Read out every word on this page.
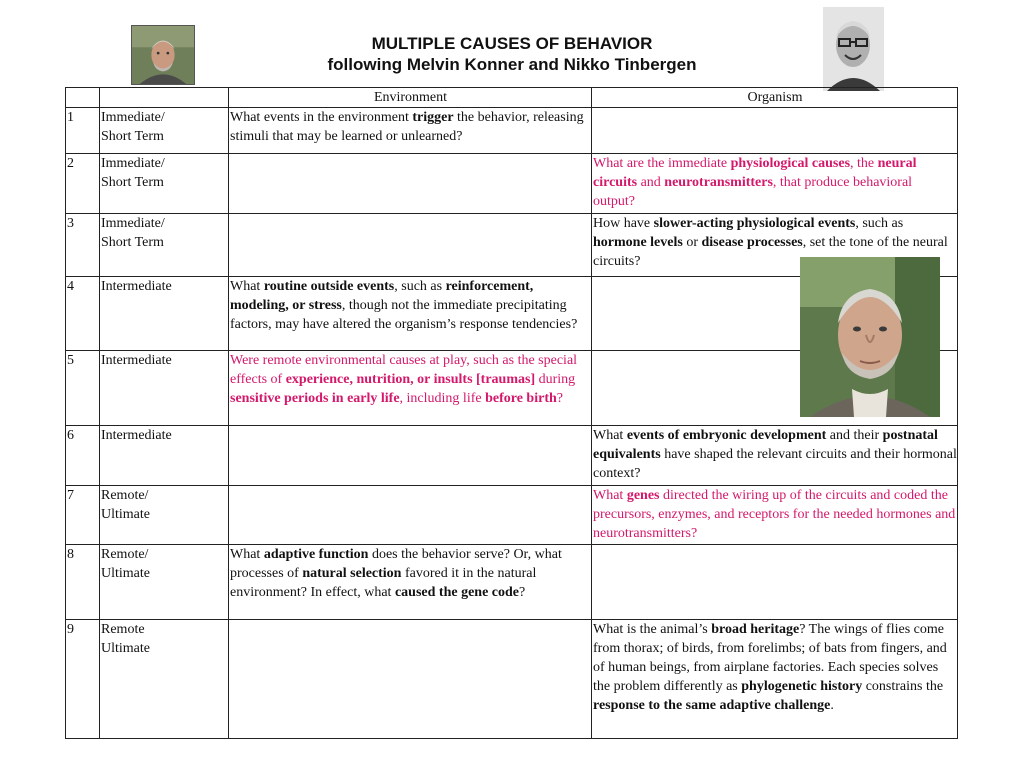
MULTIPLE CAUSES OF BEHAVIOR
following Melvin Konner and Nikko Tinbergen
		Environment	Organism
1	Immediate/
Short Term	What events in the environment trigger the behavior, releasing stimuli that may be learned or unlearned?	
2	Immediate/
Short Term		What are the immediate physiological causes, the neural circuits and neurotransmitters, that produce behavioral output?
3	Immediate/
Short Term		How have slower-acting physiological events, such as hormone levels or disease processes, set the tone of the neural circuits?
4	Intermediate	What routine outside events, such as reinforcement, modeling, or stress, though not the immediate precipitating factors, may have altered the organism’s response tendencies?	
5	Intermediate	Were remote environmental causes at play, such as the special effects of experience, nutrition, or insults [traumas] during sensitive periods in early life, including life before birth?	
6	Intermediate		What events of embryonic development and their postnatal equivalents have shaped the relevant circuits and their hormonal context?
7	Remote/
Ultimate		What genes directed the wiring up of the circuits and coded the precursors, enzymes, and receptors for the needed hormones and neurotransmitters?
8	Remote/
Ultimate	What adaptive function does the behavior serve? Or, what processes of natural selection favored it in the natural environment? In effect, what caused the gene code?	
9	Remote
Ultimate		What is the animal’s broad heritage? The wings of flies come from thorax; of birds, from forelimbs; of bats from fingers, and of human beings, from airplane factories. Each species solves the problem differently as phylogenetic history constrains the response to the same adaptive challenge.
